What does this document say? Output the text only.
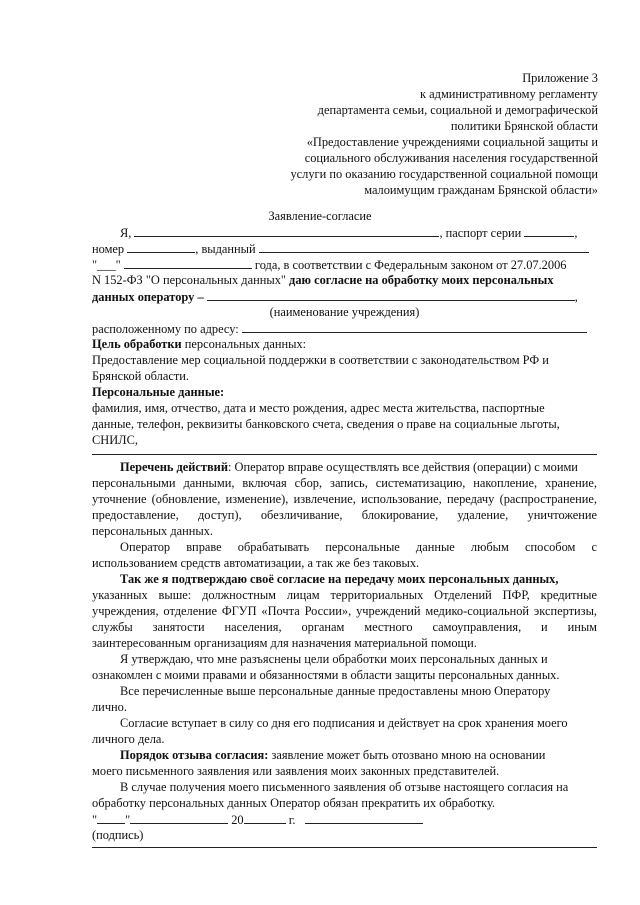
Приложение 3
к административному регламенту
департамента семьи, социальной и демографической
политики Брянской области
«Предоставление учреждениями социальной защиты и
социального обслуживания населения государственной
услуги по оказанию государственной социальной помощи
малоимущим гражданам Брянской области»
Заявление-согласие
Я,	, паспорт серии	,
номер	, выданный
"___"	года, в соответствии с Федеральным законом от 27.07.2006
N 152-ФЗ "О персональных данных" даю согласие на обработку моих персональных
данных оператору –	,
(наименование учреждения)
расположенному по адресу:
Цель обработки персональных данных:
Предоставление мер социальной поддержки в соответствии с законодательством РФ и
Брянской области.
Персональные данные:
фамилия, имя, отчество, дата и место рождения, адрес места жительства, паспортные
данные, телефон, реквизиты банковского счета, сведения о праве на социальные льготы,
СНИЛС,
Перечень действий: Оператор вправе осуществлять все действия (операции) с моими
персональными данными, включая сбор, запись, систематизацию, накопление, хранение,
уточнение (обновление, изменение), извлечение, использование, передачу (распространение,
предоставление, доступ), обезличивание, блокирование, удаление, уничтожение
персональных данных.
Оператор вправе обрабатывать персональные данные любым способом с
использованием средств автоматизации, а так же без таковых.
Так же я подтверждаю своё согласие на передачу моих персональных данных,
указанных выше: должностным лицам территориальных Отделений ПФР, кредитные
учреждения, отделение ФГУП «Почта России», учреждений медико-социальной экспертизы,
службы занятости населения, органам местного самоуправления, и иным
заинтересованным организациям для назначения материальной помощи.
Я утверждаю, что мне разъяснены цели обработки моих персональных данных и
ознакомлен с моими правами и обязанностями в области защиты персональных данных.
Все перечисленные выше персональные данные предоставлены мною Оператору
лично.
Согласие вступает в силу со дня его подписания и действует на срок хранения моего
личного дела.
Порядок отзыва согласия: заявление может быть отозвано мною на основании
моего письменного заявления или заявления моих законных представителей.
В случае получения моего письменного заявления об отзыве настоящего согласия на
обработку персональных данных Оператор обязан прекратить их обработку.
" "	20	г.
(подпись)
